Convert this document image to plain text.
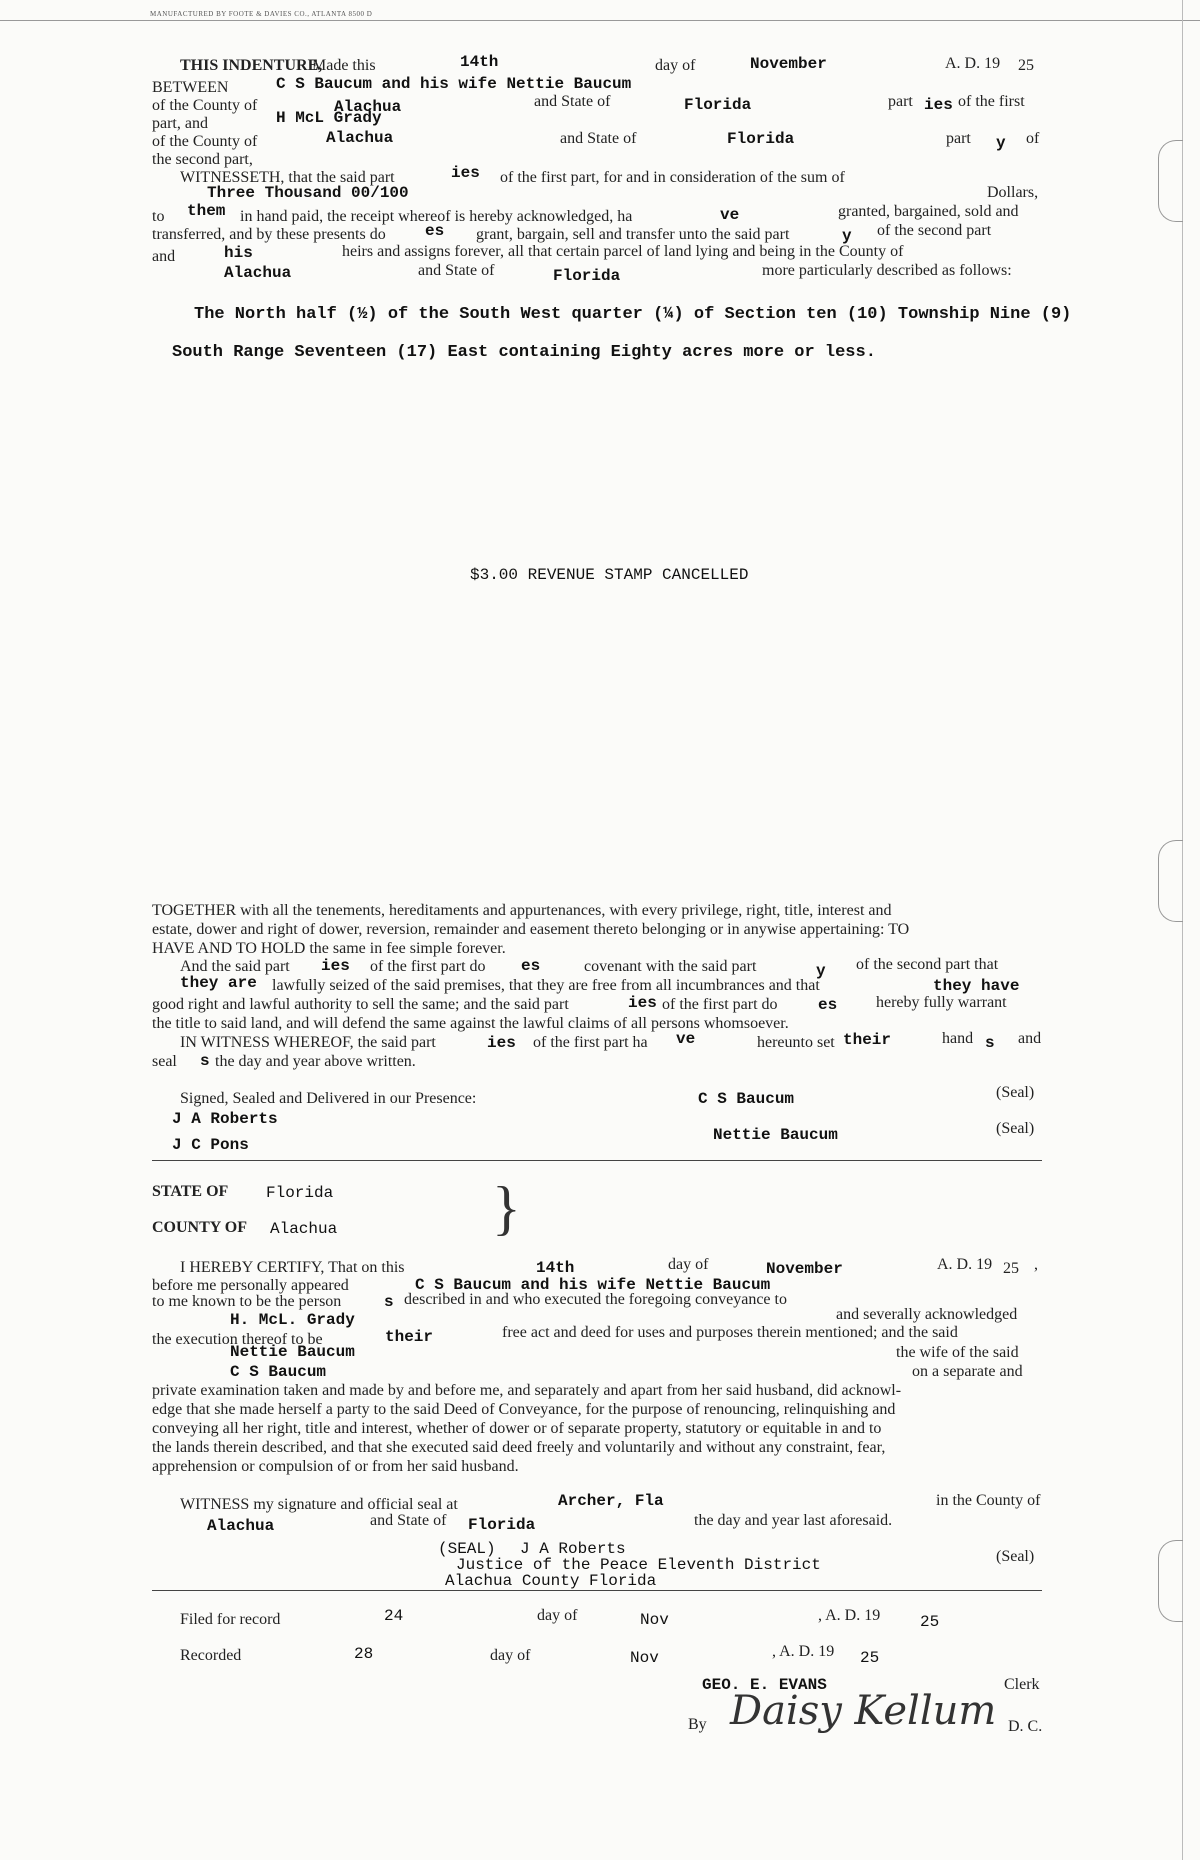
MANUFACTURED BY FOOTE & DAVIES CO., ATLANTA 8500 D
THIS INDENTURE,
Made this	14th	day of	November	A. D. 19 25
BETWEEN	C S Baucum and his wife Nettie Baucum
of the County of	Alachua	and State of	Florida	part ies of the first
part, and	H McL Grady
of the County of	Alachua	and State of	Florida	part y of
the second part,
WITNESSETH, that the said part	ies of the first part, for and in consideration of the sum of
Three Thousand 00/100	Dollars,
to them in hand paid, the receipt whereof is hereby acknowledged, ha	ve	granted, bargained, sold and
transferred, and by these presents do es grant, bargain, sell and transfer unto the said part	y of the second part
and	his	heirs and assigns forever, all that certain parcel of land lying and being in the County of
Alachua	and State of	Florida	more particularly described as follows:
The North half (½) of the South West quarter (¼) of Section ten (10) Township Nine (9)
South Range Seventeen (17) East containing Eighty acres more or less.
$3.00 REVENUE STAMP CANCELLED
TOGETHER with all the tenements, hereditaments and appurtenances, with every privilege, right, title, interest and
estate, dower and right of dower, reversion, remainder and easement thereto belonging or in anywise appertaining: TO
HAVE AND TO HOLD the same in fee simple forever.
And the said part ies of the first part do es	covenant with the said part	y of the second part that
they are lawfully seized of the said premises, that they are free from all incumbrances and that	they have
good right and lawful authority to sell the same; and the said part	ies of the first part do	es hereby fully warrant
the title to said land, and will defend the same against the lawful claims of all persons whomsoever.
IN WITNESS WHEREOF, the said part	ies of the first part ha ve	hereunto set their	hand s and
seal s the day and year above written.
Signed, Sealed and Delivered in our Presence:
J A Roberts
J C Pons
C S Baucum
Nettie Baucum
(Seal)
(Seal)
STATE OF Florida
COUNTY OF Alachua	}
I HEREBY CERTIFY, That on this	14th	day of	November	A. D. 19 25 ,
before me personally appeared	C S Baucum and his wife Nettie Baucum
to me known to be the person	s described in and who executed the foregoing conveyance to
H. McL. Grady	and severally acknowledged
the execution thereof to be	their	free act and deed for uses and purposes therein mentioned; and the said
Nettie Baucum	the wife of the said
C S Baucum	on a separate and
private examination taken and made by and before me, and separately and apart from her said husband, did acknowl-
edge that she made herself a party to the said Deed of Conveyance, for the purpose of renouncing, relinquishing and
conveying all her right, title and interest, whether of dower or of separate property, statutory or equitable in and to
the lands therein described, and that she executed said deed freely and voluntarily and without any constraint, fear,
apprehension or compulsion of or from her said husband.
WITNESS my signature and official seal at	Archer, Fla	in the County of
Alachua	and State of Florida	the day and year last aforesaid.
(SEAL) J A Roberts
Justice of the Peace Eleventh District
Alachua County Florida
(Seal)
Filed for record	24	day of	Nov	, A. D. 19 25
Recorded	28	day of	Nov	, A. D. 19 25
GEO. E. EVANS	Clerk
By Daisy Kellum D. C.
